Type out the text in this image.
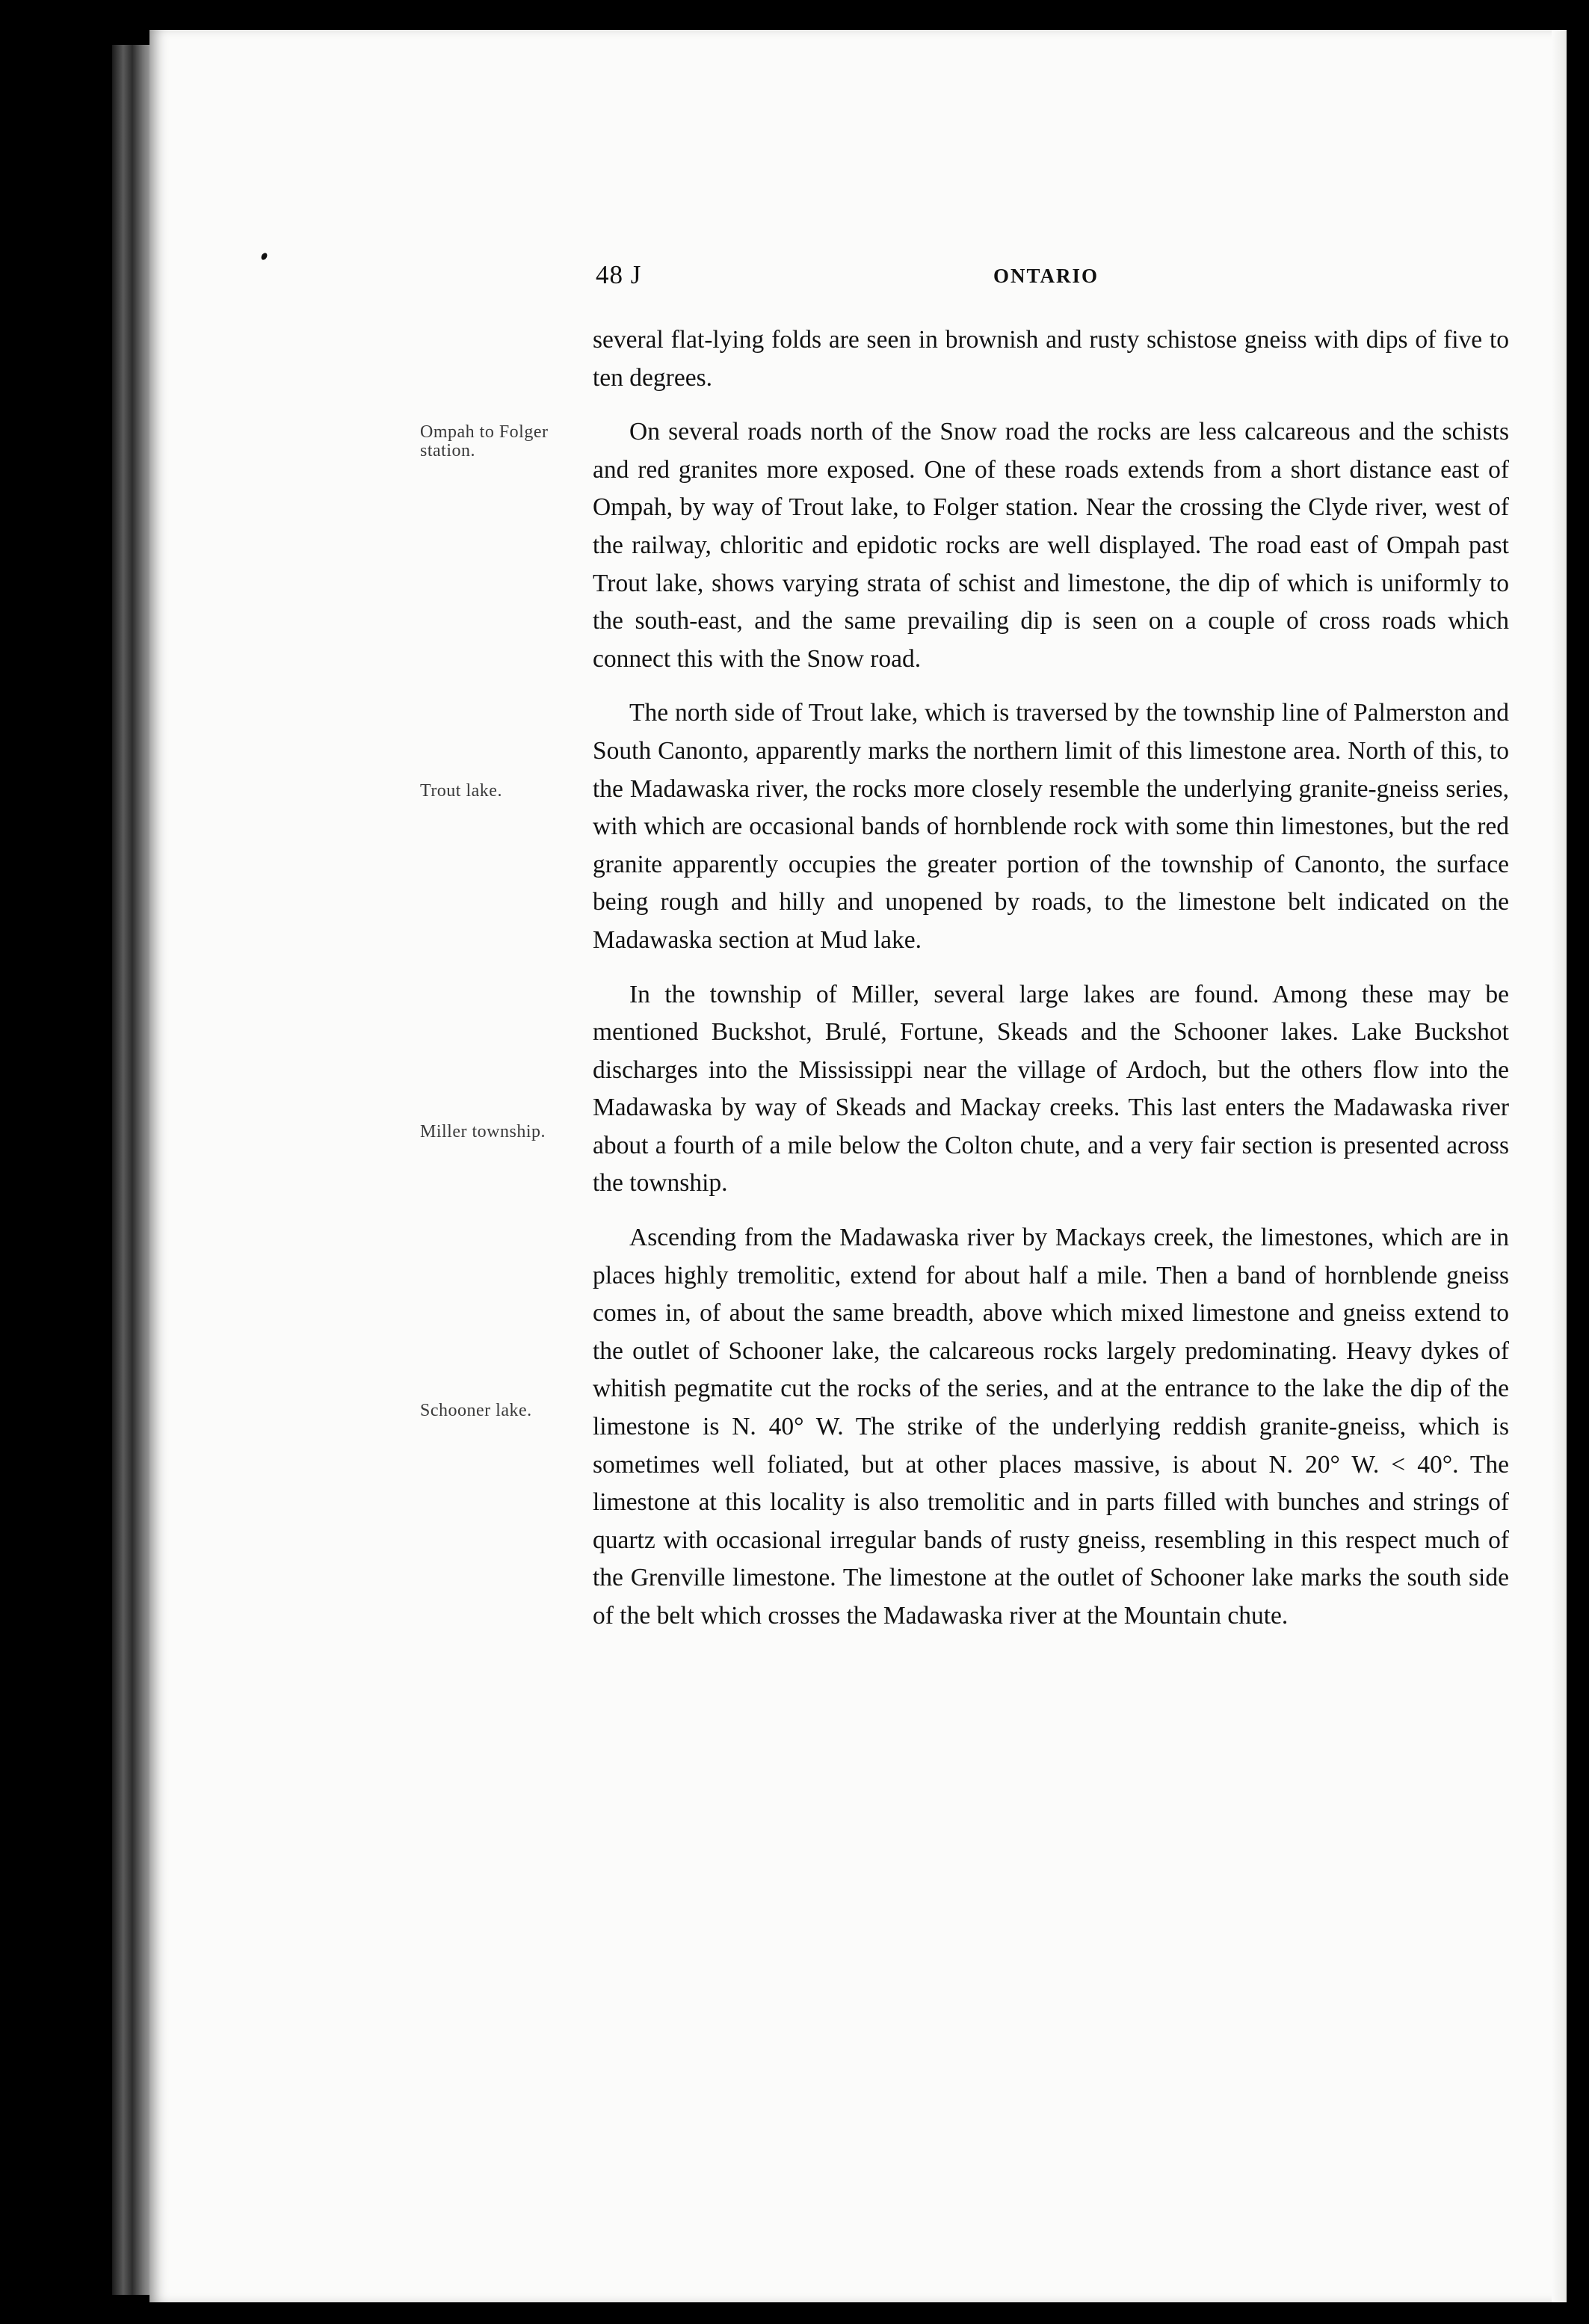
48 J	ONTARIO
Ompah to Folger station.
Trout lake.
Miller township.
Schooner lake.

several flat-lying folds are seen in brownish and rusty schistose gneiss with dips of five to ten degrees.

On several roads north of the Snow road the rocks are less calcareous and the schists and red granites more exposed. One of these roads extends from a short distance east of Ompah, by way of Trout lake, to Folger station. Near the crossing the Clyde river, west of the railway, chloritic and epidotic rocks are well displayed. The road east of Ompah past Trout lake, shows varying strata of schist and limestone, the dip of which is uniformly to the south-east, and the same prevailing dip is seen on a couple of cross roads which connect this with the Snow road.

The north side of Trout lake, which is traversed by the township line of Palmerston and South Canonto, apparently marks the northern limit of this limestone area. North of this, to the Madawaska river, the rocks more closely resemble the underlying granite-gneiss series, with which are occasional bands of hornblende rock with some thin limestones, but the red granite apparently occupies the greater portion of the township of Canonto, the surface being rough and hilly and unopened by roads, to the limestone belt indicated on the Madawaska section at Mud lake.

In the township of Miller, several large lakes are found. Among these may be mentioned Buckshot, Brulé, Fortune, Skeads and the Schooner lakes. Lake Buckshot discharges into the Mississippi near the village of Ardoch, but the others flow into the Madawaska by way of Skeads and Mackay creeks. This last enters the Madawaska river about a fourth of a mile below the Colton chute, and a very fair section is presented across the township.

Ascending from the Madawaska river by Mackays creek, the limestones, which are in places highly tremolitic, extend for about half a mile. Then a band of hornblende gneiss comes in, of about the same breadth, above which mixed limestone and gneiss extend to the outlet of Schooner lake, the calcareous rocks largely predominating. Heavy dykes of whitish pegmatite cut the rocks of the series, and at the entrance to the lake the dip of the limestone is N. 40° W. The strike of the underlying reddish granite-gneiss, which is sometimes well foliated, but at other places massive, is about N. 20° W. < 40°. The limestone at this locality is also tremolitic and in parts filled with bunches and strings of quartz with occasional irregular bands of rusty gneiss, resembling in this respect much of the Grenville limestone. The limestone at the outlet of Schooner lake marks the south side of the belt which crosses the Madawaska river at the Mountain chute.
